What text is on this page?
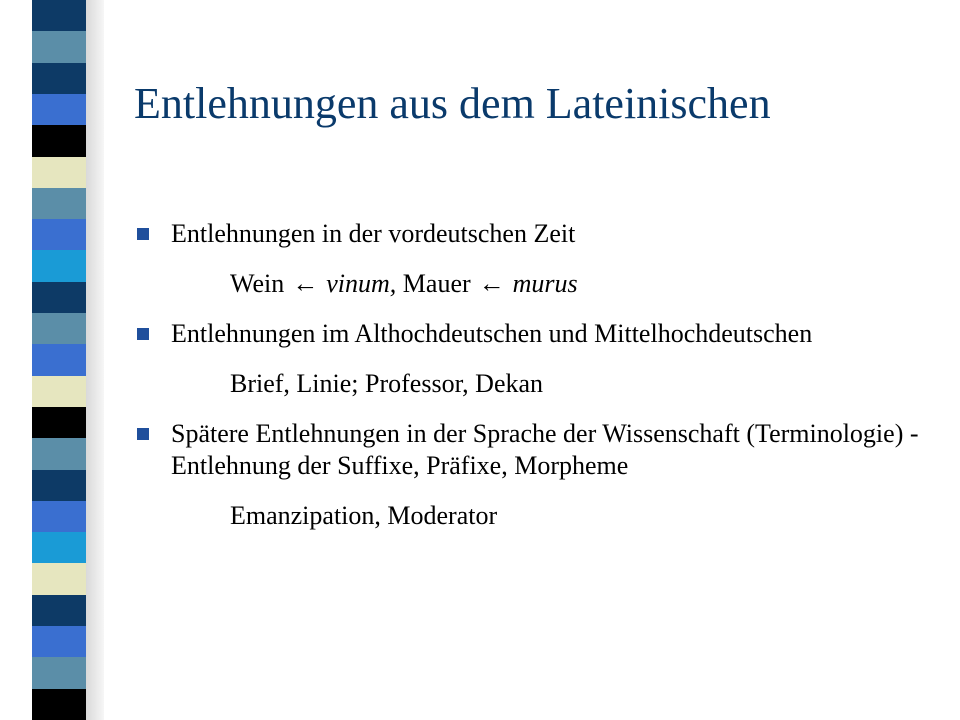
Entlehnungen aus dem Lateinischen
Entlehnungen in der vordeutschen Zeit
Wein ← vinum, Mauer ← murus
Entlehnungen im Althochdeutschen und Mittelhochdeutschen
Brief, Linie; Professor, Dekan
Spätere Entlehnungen in der Sprache der Wissenschaft (Terminologie) - Entlehnung der Suffixe, Präfixe, Morpheme
Emanzipation, Moderator
